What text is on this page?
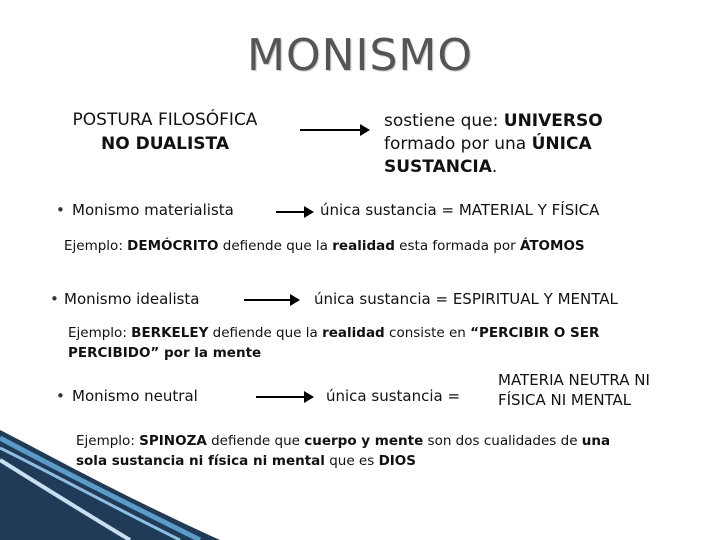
MONISMO
POSTURA FILOSÓFICA
NO DUALISTA
sostiene que: UNIVERSO
formado por una ÚNICA
SUSTANCIA.
• Monismo materialista	única sustancia = MATERIAL Y FÍSICA
Ejemplo: DEMÓCRITO defiende que la realidad esta formada por ÁTOMOS
• Monismo idealista	única sustancia = ESPIRITUAL Y MENTAL
Ejemplo: BERKELEY defiende que la realidad consiste en “PERCIBIR O SER
PERCIBIDO” por la mente
• Monismo neutral	única sustancia =
MATERIA NEUTRA NI
FÍSICA NI MENTAL
Ejemplo: SPINOZA defiende que cuerpo y mente son dos cualidades de una
sola sustancia ni física ni mental que es DIOS
